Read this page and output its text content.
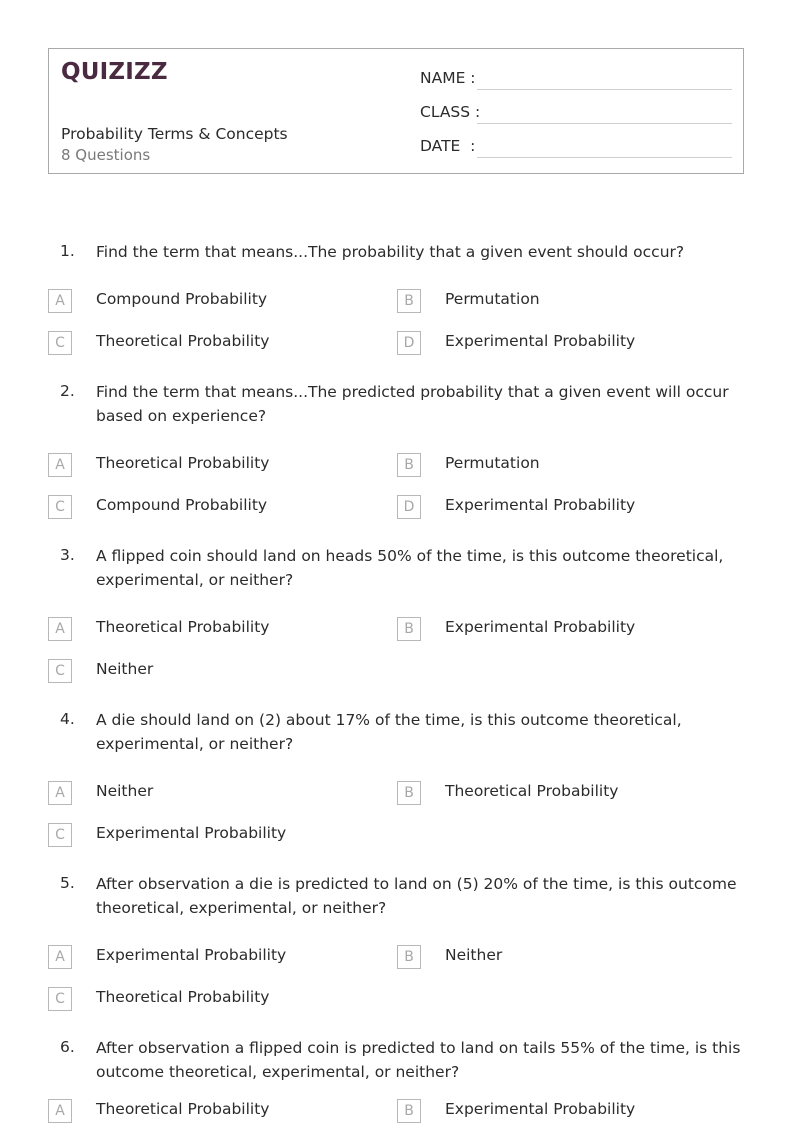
QUIZIZZ
Probability Terms & Concepts
8 Questions
NAME :
CLASS :
DATE  :
1. Find the term that means...The probability that a given event should occur?
A	Compound Probability	B	Permutation
C	Theoretical Probability	D	Experimental Probability
2. Find the term that means...The predicted probability that a given event will occur based on experience?
A	Theoretical Probability	B	Permutation
C	Compound Probability	D	Experimental Probability
3. A flipped coin should land on heads 50% of the time, is this outcome theoretical, experimental, or neither?
A	Theoretical Probability	B	Experimental Probability
C	Neither
4. A die should land on (2) about 17% of the time, is this outcome theoretical, experimental, or neither?
A	Neither	B	Theoretical Probability
C	Experimental Probability
5. After observation a die is predicted to land on (5) 20% of the time, is this outcome theoretical, experimental, or neither?
A	Experimental Probability	B	Neither
C	Theoretical Probability
6. After observation a flipped coin is predicted to land on tails 55% of the time, is this outcome theoretical, experimental, or neither?
A	Theoretical Probability	B	Experimental Probability
